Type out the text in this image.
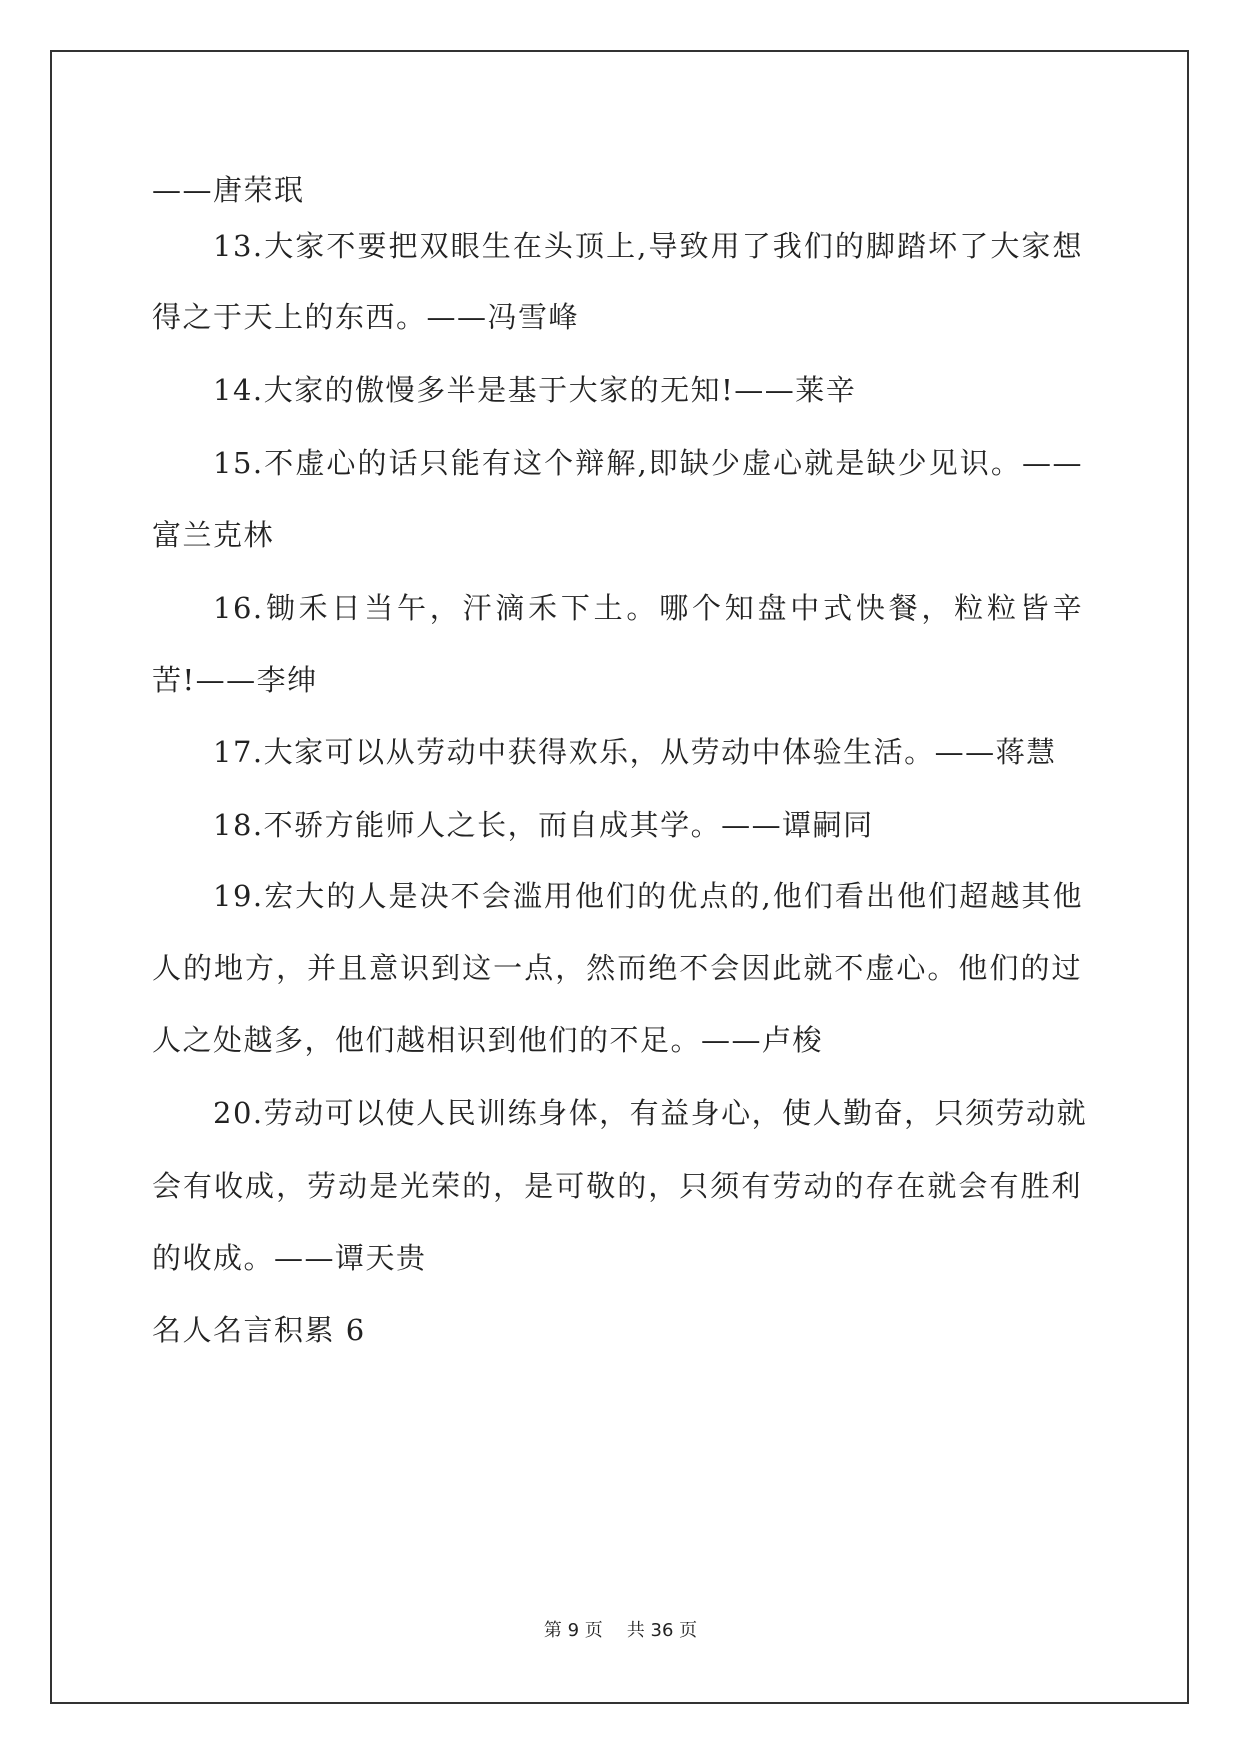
——唐荣珉
13.大家不要把双眼生在头顶上,导致用了我们的脚踏坏了大家想
得之于天上的东西。——冯雪峰
14.大家的傲慢多半是基于大家的无知!——莱辛
15.不虚心的话只能有这个辩解,即缺少虚心就是缺少见识。——
富兰克林
16.锄禾日当午，汗滴禾下土。哪个知盘中式快餐，粒粒皆辛
苦!——李绅
17.大家可以从劳动中获得欢乐，从劳动中体验生活。——蒋慧
18.不骄方能师人之长，而自成其学。——谭嗣同
19.宏大的人是决不会滥用他们的优点的,他们看出他们超越其他
人的地方，并且意识到这一点，然而绝不会因此就不虚心。他们的过
人之处越多，他们越相识到他们的不足。——卢梭
20.劳动可以使人民训练身体，有益身心，使人勤奋，只须劳动就
会有收成，劳动是光荣的，是可敬的，只须有劳动的存在就会有胜利
的收成。——谭天贵
名人名言积累 6
第 9 页 共 36 页
